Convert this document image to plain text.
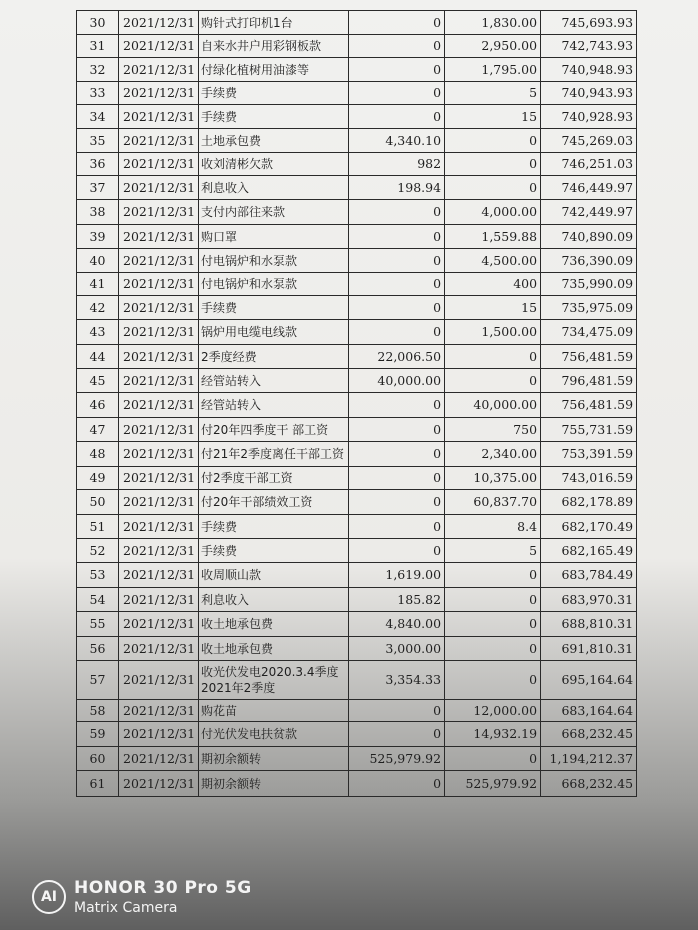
30	2021/12/31	购针式打印机1台	0	1,830.00	745,693.93
31	2021/12/31	自来水井户用彩钢板款	0	2,950.00	742,743.93
32	2021/12/31	付绿化植树用油漆等	0	1,795.00	740,948.93
33	2021/12/31	手续费	0	5	740,943.93
34	2021/12/31	手续费	0	15	740,928.93
35	2021/12/31	土地承包费	4,340.10	0	745,269.03
36	2021/12/31	收刘清彬欠款	982	0	746,251.03
37	2021/12/31	利息收入	198.94	0	746,449.97
38	2021/12/31	支付内部往来款	0	4,000.00	742,449.97
39	2021/12/31	购口罩	0	1,559.88	740,890.09
40	2021/12/31	付电锅炉和水泵款	0	4,500.00	736,390.09
41	2021/12/31	付电锅炉和水泵款	0	400	735,990.09
42	2021/12/31	手续费	0	15	735,975.09
43	2021/12/31	锅炉用电缆电线款	0	1,500.00	734,475.09
44	2021/12/31	2季度经费	22,006.50	0	756,481.59
45	2021/12/31	经管站转入	40,000.00	0	796,481.59
46	2021/12/31	经管站转入	0	40,000.00	756,481.59
47	2021/12/31	付20年四季度干 部工资	0	750	755,731.59
48	2021/12/31	付21年2季度离任干部工资	0	2,340.00	753,391.59
49	2021/12/31	付2季度干部工资	0	10,375.00	743,016.59
50	2021/12/31	付20年干部绩效工资	0	60,837.70	682,178.89
51	2021/12/31	手续费	0	8.4	682,170.49
52	2021/12/31	手续费	0	5	682,165.49
53	2021/12/31	收周顺山款	1,619.00	0	683,784.49
54	2021/12/31	利息收入	185.82	0	683,970.31
55	2021/12/31	收土地承包费	4,840.00	0	688,810.31
56	2021/12/31	收土地承包费	3,000.00	0	691,810.31
57	2021/12/31	收光伏发电2020.3.4季度2021年2季度	3,354.33	0	695,164.64
58	2021/12/31	购花苗	0	12,000.00	683,164.64
59	2021/12/31	付光伏发电扶贫款	0	14,932.19	668,232.45
60	2021/12/31	期初余额转	525,979.92	0	1,194,212.37
61	2021/12/31	期初余额转	0	525,979.92	668,232.45
AI HONOR 30 Pro 5G
Matrix Camera
